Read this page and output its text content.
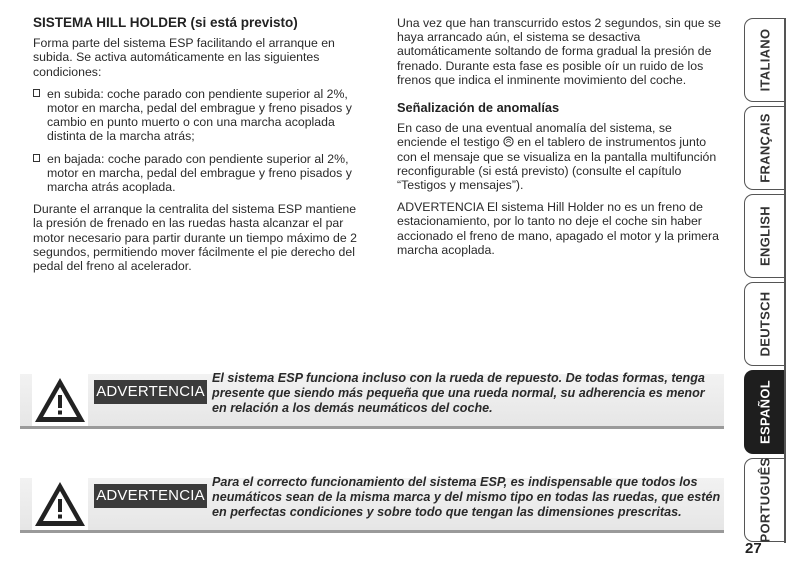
SISTEMA HILL HOLDER (si está previsto)

Forma parte del sistema ESP facilitando el arranque en subida. Se activa automáticamente en las siguientes condiciones:

en subida: coche parado con pendiente superior al 2%, motor en marcha, pedal del embrague y freno pisados y cambio en punto muerto o con una marcha acoplada distinta de la marcha atrás;
en bajada: coche parado con pendiente superior al 2%, motor en marcha, pedal del embrague y freno pisados y marcha atrás acoplada.

Durante el arranque la centralita del sistema ESP mantiene la presión de frenado en las ruedas hasta alcanzar el par motor necesario para partir durante un tiempo máximo de 2 segundos, permitiendo mover fácilmente el pie derecho del pedal del freno al acelerador.

Una vez que han transcurrido estos 2 segundos, sin que se haya arrancado aún, el sistema se desactiva automáticamente soltando de forma gradual la presión de frenado. Durante esta fase es posible oír un ruido de los frenos que indica el inminente movimiento del coche.

Señalización de anomalías

En caso de una eventual anomalía del sistema, se enciende el testigo en el tablero de instrumentos junto con el mensaje que se visualiza en la pantalla multifunción reconfigurable (si está previsto) (consulte el capítulo “Testigos y mensajes”).

ADVERTENCIA El sistema Hill Holder no es un freno de estacionamiento, por lo tanto no deje el coche sin haber accionado el freno de mano, apagado el motor y la primera marcha acoplada.

ADVERTENCIA
El sistema ESP funciona incluso con la rueda de repuesto. De todas formas, tenga presente que siendo más pequeña que una rueda normal, su adherencia es menor en relación a los demás neumáticos del coche.
ADVERTENCIA
Para el correcto funcionamiento del sistema ESP, es indispensable que todos los neumáticos sean de la misma marca y del mismo tipo en todas las ruedas, que estén en perfectas condiciones y sobre todo que tengan las dimensiones prescritas.
ITALIANO
FRANÇAIS
ENGLISH
DEUTSCH
ESPAÑOL
PORTUGUÊS
27
